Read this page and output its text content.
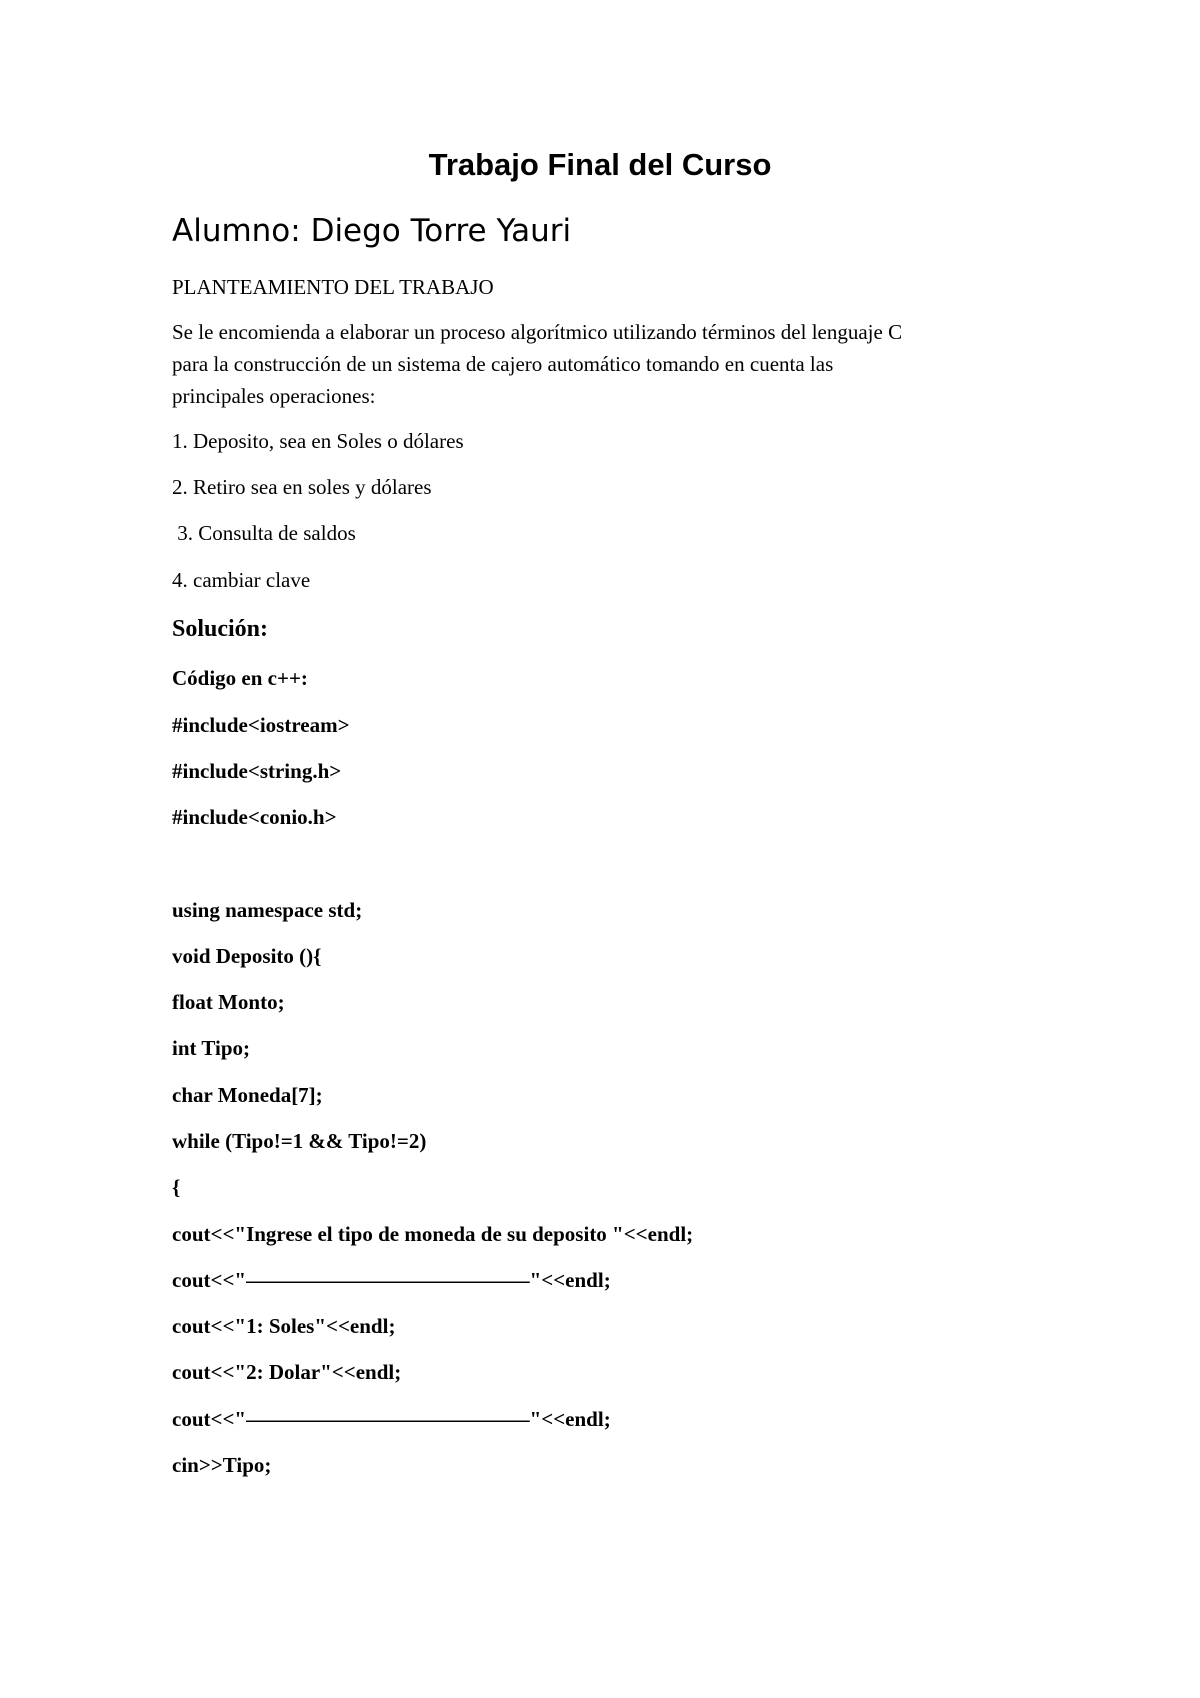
Trabajo Final del Curso
Alumno: Diego Torre Yauri
PLANTEAMIENTO DEL TRABAJO
Se le encomienda a elaborar un proceso algorítmico utilizando términos del lenguaje C
para la construcción de un sistema de cajero automático tomando en cuenta las
principales operaciones:
1. Deposito, sea en Soles o dólares
2. Retiro sea en soles y dólares
3. Consulta de saldos
4. cambiar clave
Solución:
Código en c++:
#include<iostream>
#include<string.h>
#include<conio.h>
using namespace std;
void Deposito (){
float Monto;
int Tipo;
char Moneda[7];
while (Tipo!=1 && Tipo!=2)
{
cout<<"Ingrese el tipo de moneda de su deposito "<<endl;
cout<<"–––––––––––––––––––––––––––"<<endl;
cout<<"1: Soles"<<endl;
cout<<"2: Dolar"<<endl;
cout<<"–––––––––––––––––––––––––––"<<endl;
cin>>Tipo;
